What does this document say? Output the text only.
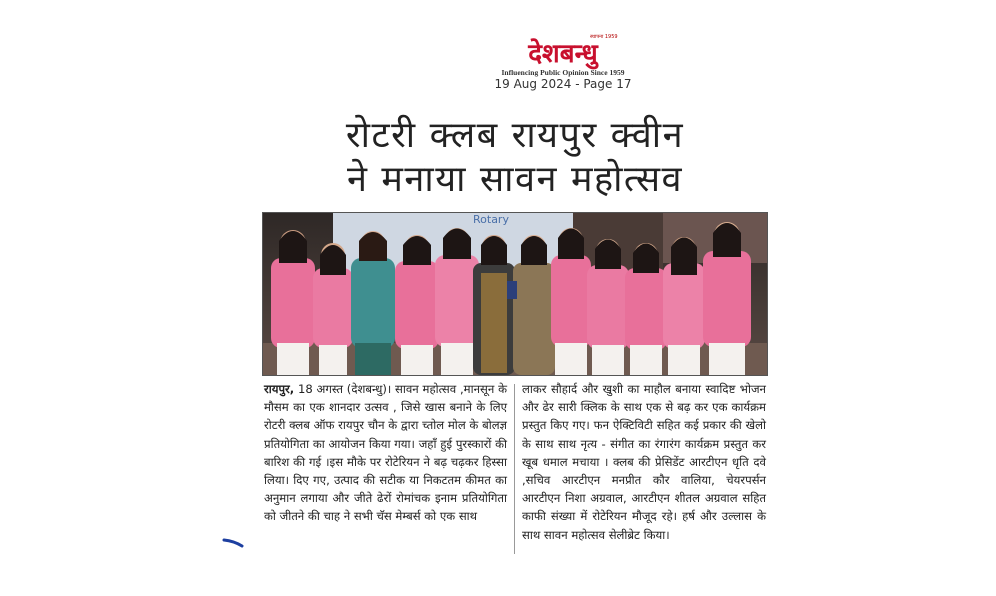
स्थापना 1959
देशबन्धु
Influencing Public Opinion Since 1959
19 Aug 2024 - Page 17
रोटरी क्लब रायपुर क्वीन
ने मनाया सावन महोत्सव
Rotary
रायपुर, 18 अगस्त (देशबन्धु)। सावन महोत्सव ,मानसून के मौसम का एक शानदार उत्सव , जिसे खास बनाने के लिए रोटरी क्लब ऑफ रायपुर चौन के द्वारा च्तोल मोल के बोलज्ञ प्रतियोगिता का आयोजन किया गया। जहाँ हुई पुरस्कारों की बारिश की गई ।इस मौके पर रोटेरियन ने बढ़ चढ़कर हिस्सा लिया। दिए गए, उत्पाद की सटीक या निकटतम कीमत का अनुमान लगाया और जीते ढेरों रोमांचक इनाम प्रतियोगिता को जीतने की चाह ने सभी चॅस मेम्बर्स को एक साथ
लाकर सौहार्द और खुशी का माहौल बनाया स्वादिष्ट भोजन और ढेर सारी क्लिक के साथ एक से बढ़ कर एक कार्यक्रम प्रस्तुत किए गए। फन ऐक्टिविटी सहित कई प्रकार की खेलो के साथ साथ नृत्य - संगीत का रंगारंग कार्यक्रम प्रस्तुत कर खूब धमाल मचाया । क्लब की प्रेसिडेंट आरटीएन धृति दवे ,सचिव आरटीएन मनप्रीत कौर वालिया, चेयरपर्सन आरटीएन निशा अग्रवाल, आरटीएन शीतल अग्रवाल सहित काफी संख्या में रोटेरियन मौजूद रहे। हर्ष और उल्लास के साथ सावन महोत्सव सेलीब्रेट किया।
